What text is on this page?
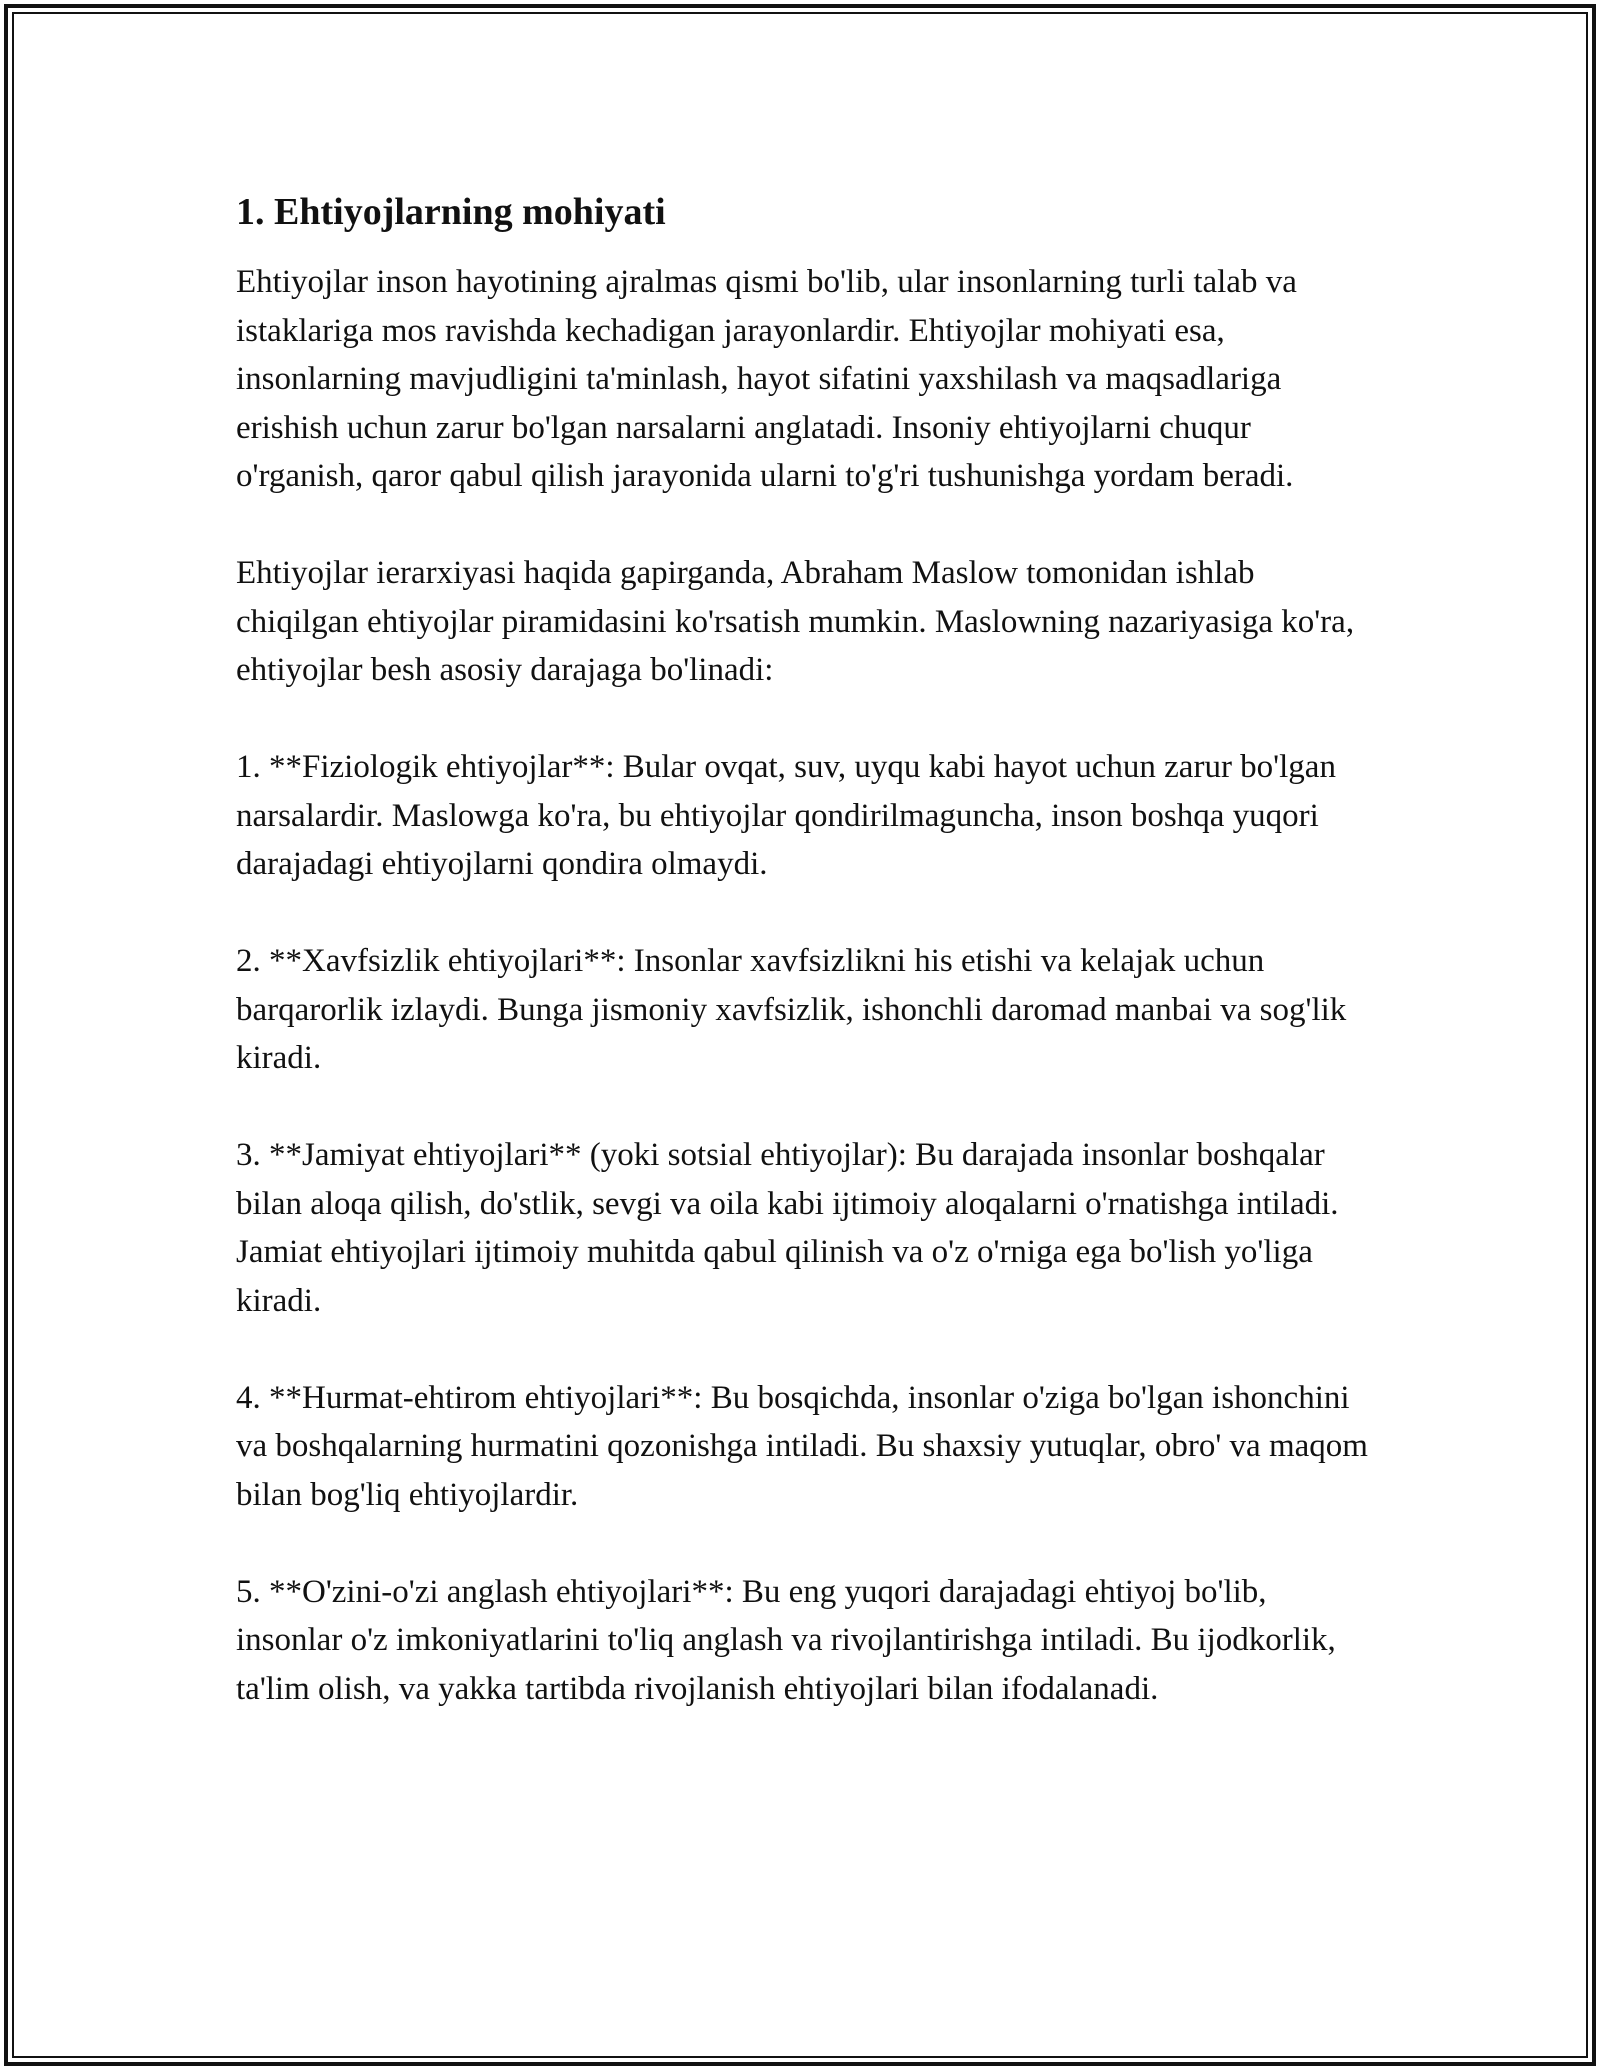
1. Ehtiyojlarning mohiyati

Ehtiyojlar inson hayotining ajralmas qismi bo'lib, ular insonlarning turli talab va istaklariga mos ravishda kechadigan jarayonlardir. Ehtiyojlar mohiyati esa, insonlarning mavjudligini ta'minlash, hayot sifatini yaxshilash va maqsadlariga erishish uchun zarur bo'lgan narsalarni anglatadi. Insoniy ehtiyojlarni chuqur o'rganish, qaror qabul qilish jarayonida ularni to'g'ri tushunishga yordam beradi.

Ehtiyojlar ierarxiyasi haqida gapirganda, Abraham Maslow tomonidan ishlab chiqilgan ehtiyojlar piramidasini ko'rsatish mumkin. Maslowning nazariyasiga ko'ra, ehtiyojlar besh asosiy darajaga bo'linadi:

1. **Fiziologik ehtiyojlar**: Bular ovqat, suv, uyqu kabi hayot uchun zarur bo'lgan narsalardir. Maslowga ko'ra, bu ehtiyojlar qondirilmaguncha, inson boshqa yuqori darajadagi ehtiyojlarni qondira olmaydi.

2. **Xavfsizlik ehtiyojlari**: Insonlar xavfsizlikni his etishi va kelajak uchun barqarorlik izlaydi. Bunga jismoniy xavfsizlik, ishonchli daromad manbai va sog'lik kiradi.

3. **Jamiyat ehtiyojlari** (yoki sotsial ehtiyojlar): Bu darajada insonlar boshqalar bilan aloqa qilish, do'stlik, sevgi va oila kabi ijtimoiy aloqalarni o'rnatishga intiladi. Jamiat ehtiyojlari ijtimoiy muhitda qabul qilinish va o'z o'rniga ega bo'lish yo'liga kiradi.

4. **Hurmat-ehtirom ehtiyojlari**: Bu bosqichda, insonlar o'ziga bo'lgan ishonchini va boshqalarning hurmatini qozonishga intiladi. Bu shaxsiy yutuqlar, obro' va maqom bilan bog'liq ehtiyojlardir.

5. **O'zini-o'zi anglash ehtiyojlari**: Bu eng yuqori darajadagi ehtiyoj bo'lib, insonlar o'z imkoniyatlarini to'liq anglash va rivojlantirishga intiladi. Bu ijodkorlik, ta'lim olish, va yakka tartibda rivojlanish ehtiyojlari bilan ifodalanadi.
